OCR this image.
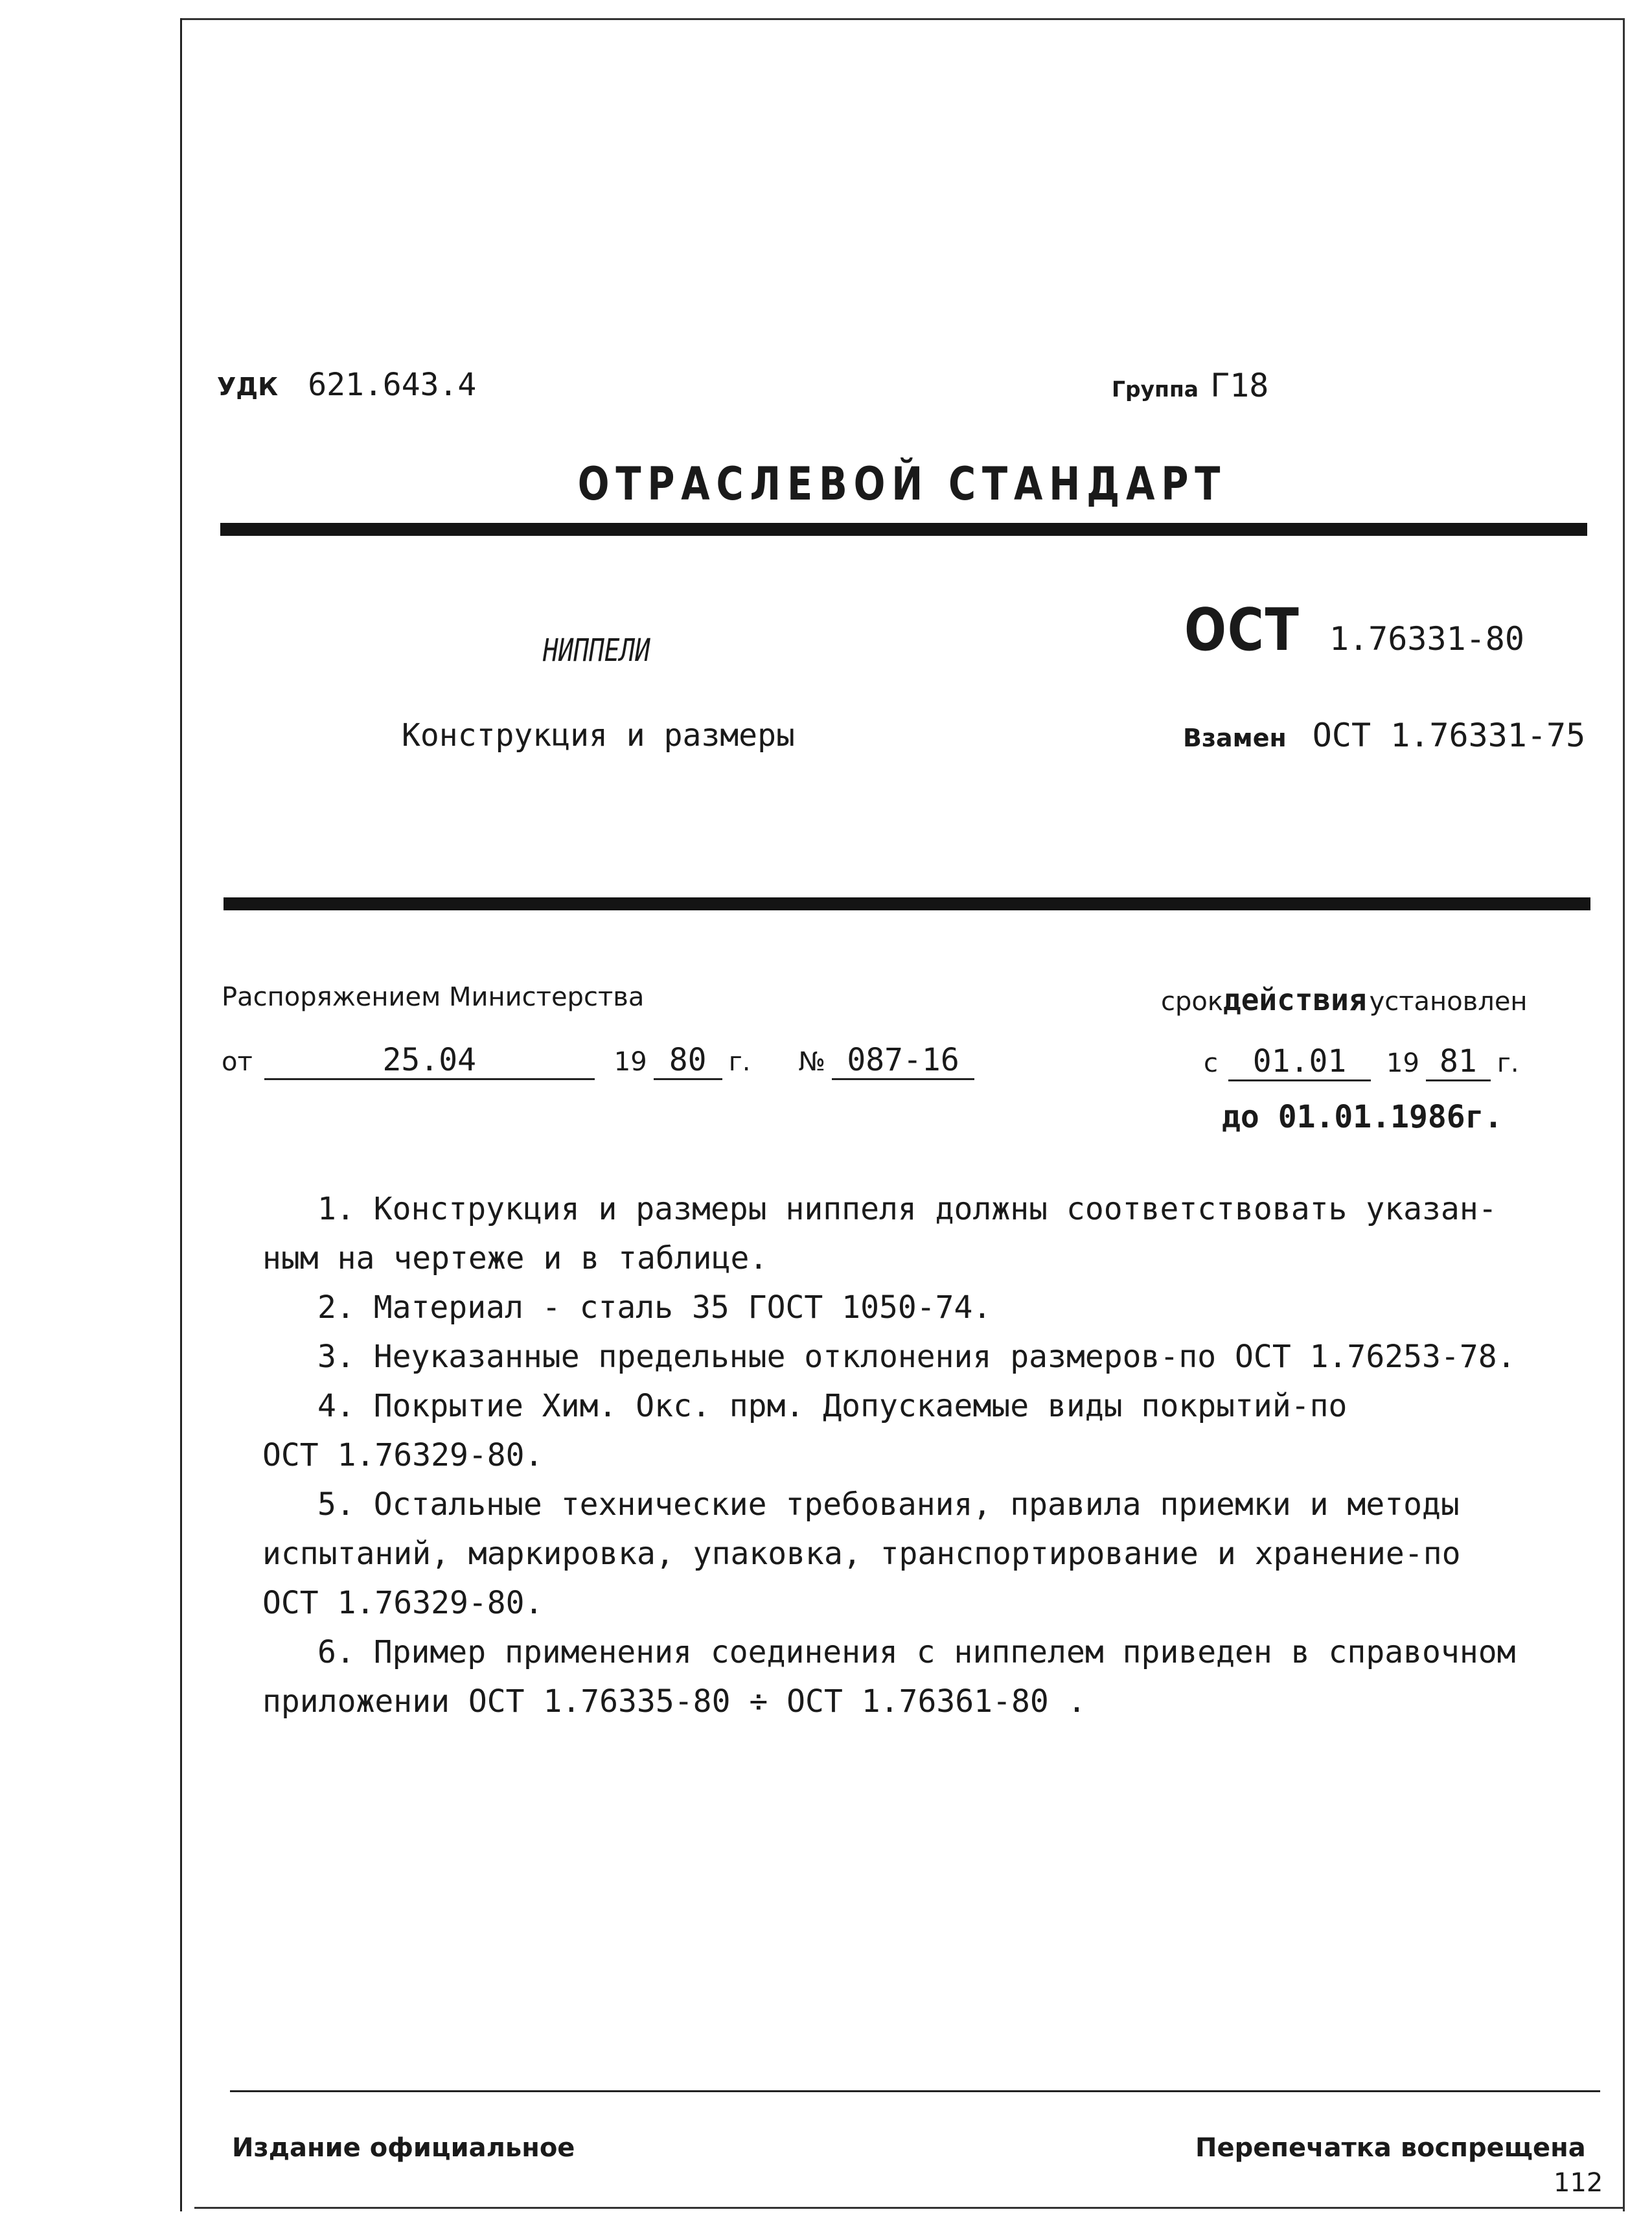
УДК 621.643.4	Группа Г18
ОТРАСЛЕВОЙ СТАНДАРТ
НИППЕЛИ
Конструкция и размеры
ОСТ 1.76331-80
Взамен ОСТ 1.76331-75
Распоряжением Министерства
от	25.04	19 80 г. № 087-16
срокдействия установлен
с 01.01 19 81 г.
до 01.01.1986г.
1. Конструкция и размеры ниппеля должны соответствовать указан-
ным на чертеже и в таблице.
2. Материал - сталь 35 ГОСТ 1050-74.
3. Неуказанные предельные отклонения размеров-по ОСТ 1.76253-78.
4. Покрытие Хим. Окс. прм. Допускаемые виды покрытий-по
ОСТ 1.76329-80.
5. Остальные технические требования, правила приемки и методы
испытаний, маркировка, упаковка, транспортирование и хранение-по
ОСТ 1.76329-80.
6. Пример применения соединения с ниппелем приведен в справочном
приложении ОСТ 1.76335-80 ÷ ОСТ 1.76361-80 .
Издание официальное	Перепечатка воспрещена
112
